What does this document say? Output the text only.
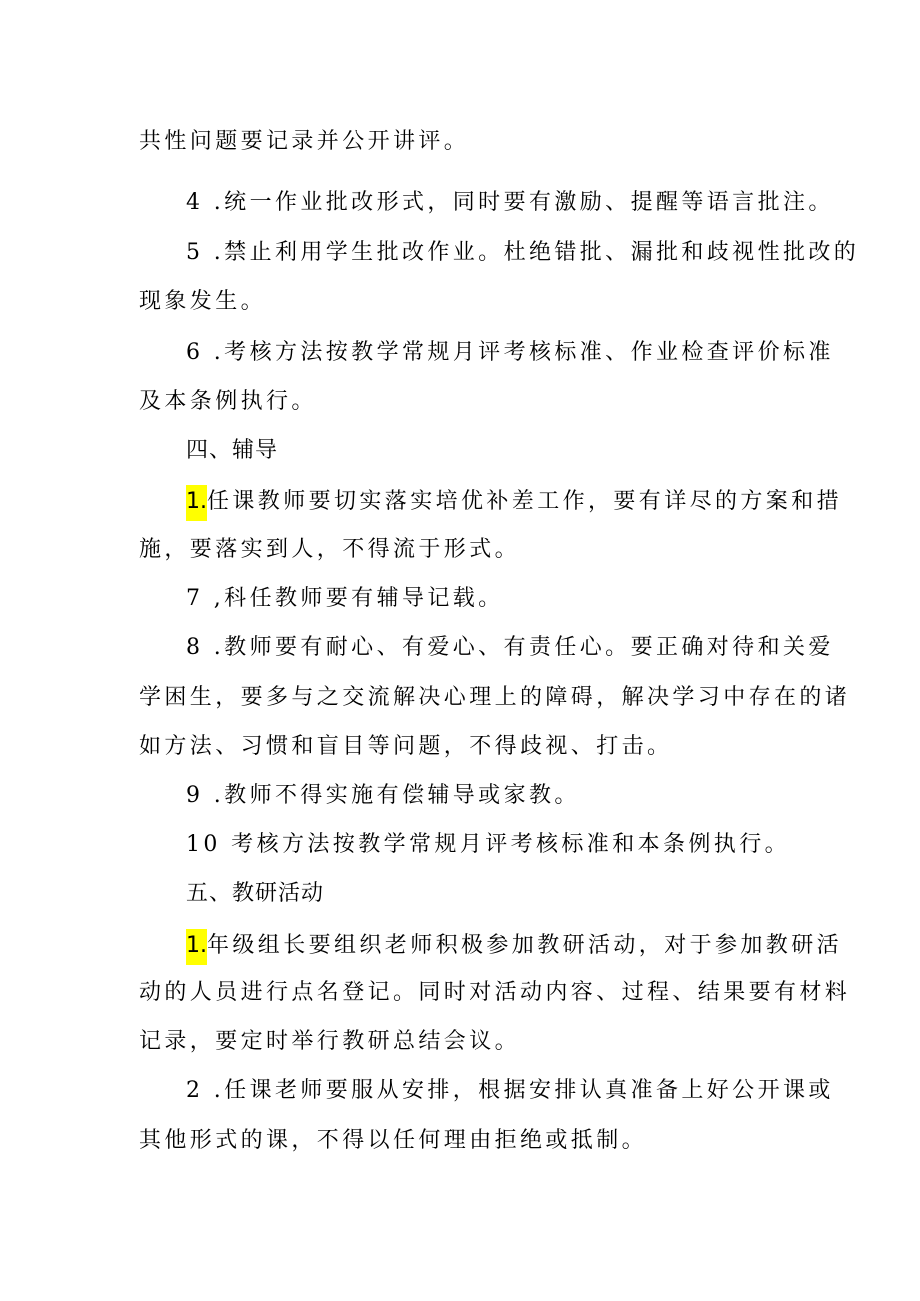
共性问题要记录并公开讲评。
4 .统一作业批改形式，同时要有激励、提醒等语言批注。
5 .禁止利用学生批改作业。杜绝错批、漏批和歧视性批改的
现象发生。
6 .考核方法按教学常规月评考核标准、作业检查评价标准
及本条例执行。
四、辅导
1.任课教师要切实落实培优补差工作，要有详尽的方案和措
施，要落实到人，不得流于形式。
7 ,科任教师要有辅导记载。
8 .教师要有耐心、有爱心、有责任心。要正确对待和关爱
学困生，要多与之交流解决心理上的障碍，解决学习中存在的诸
如方法、习惯和盲目等问题，不得歧视、打击。
9 .教师不得实施有偿辅导或家教。
10 考核方法按教学常规月评考核标准和本条例执行。
五、教研活动
1.年级组长要组织老师积极参加教研活动，对于参加教研活
动的人员进行点名登记。同时对活动内容、过程、结果要有材料
记录，要定时举行教研总结会议。
2 .任课老师要服从安排，根据安排认真准备上好公开课或
其他形式的课，不得以任何理由拒绝或抵制。
